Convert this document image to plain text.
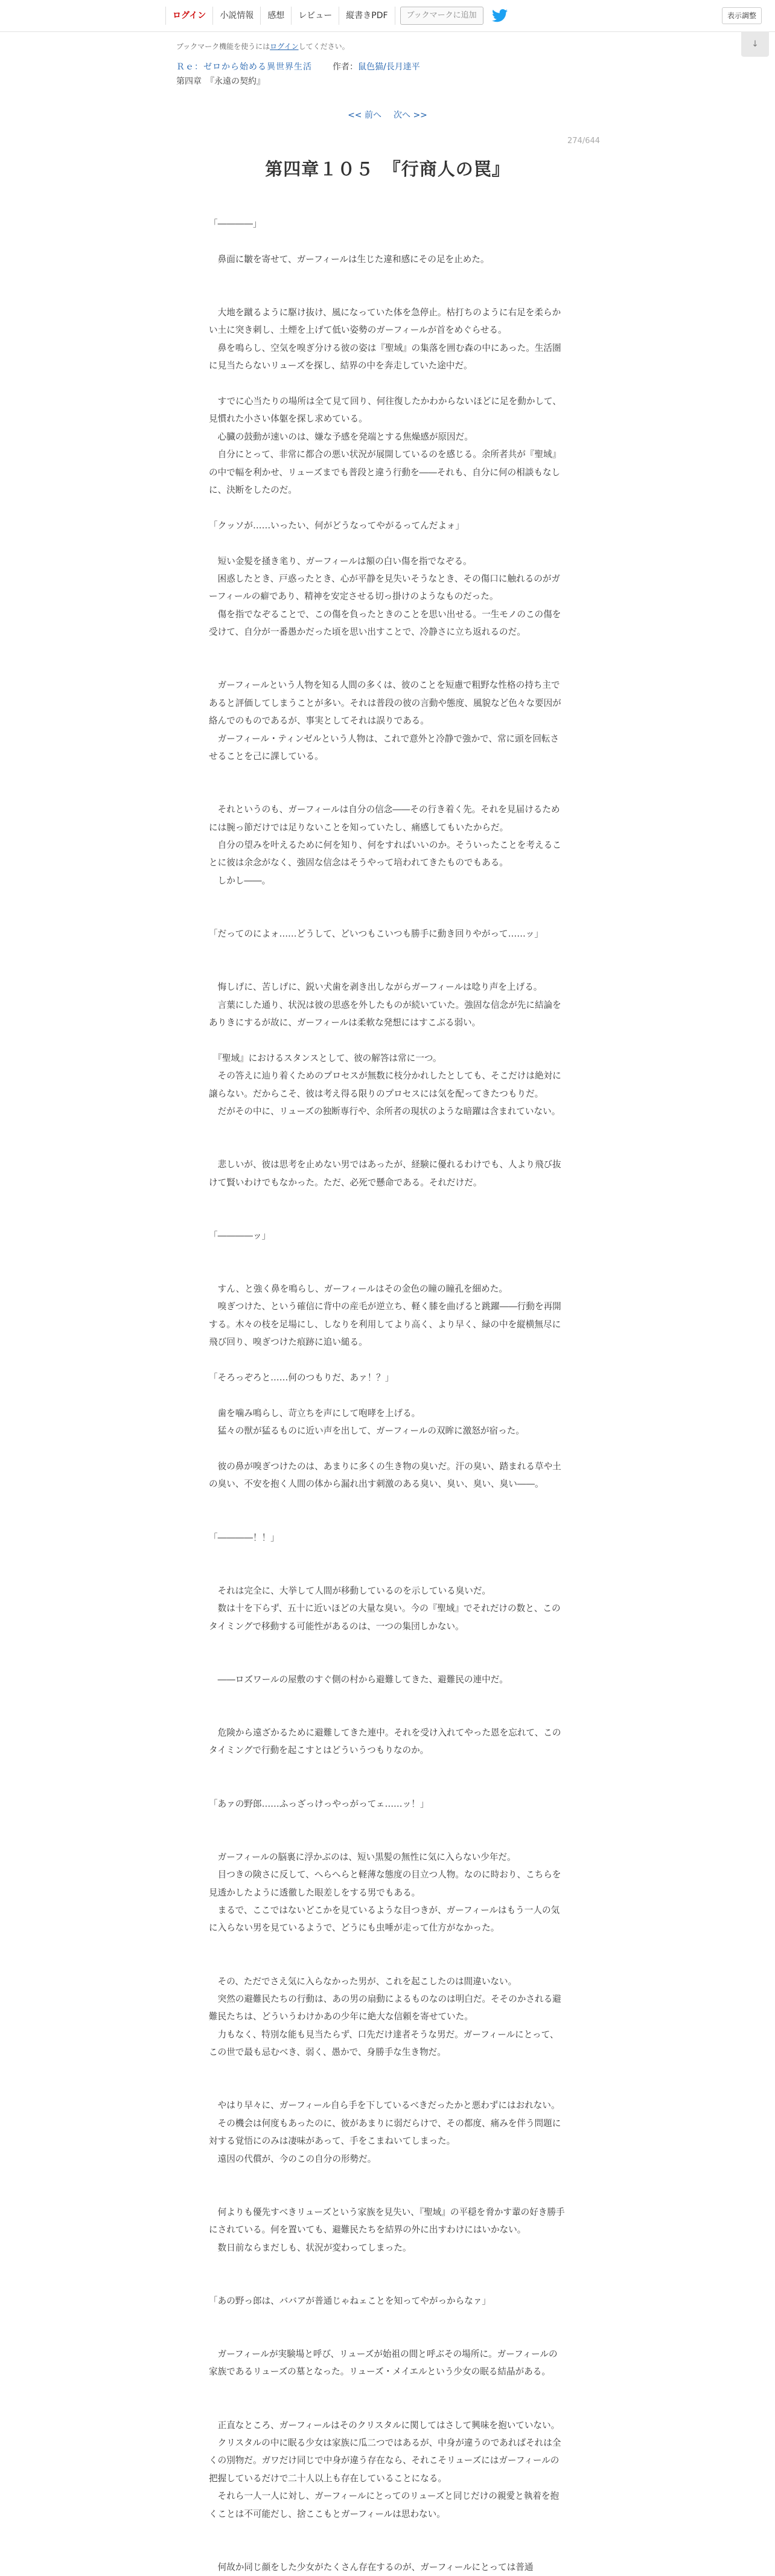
ログイン	小説情報	感想	レビュー	縦書きPDF	ブックマークに追加	表示調整
↓
ブックマーク機能を使うにはログインしてください。
Ｒｅ：ゼロから始める異世界生活 作者：鼠色猫/長月達平
第四章　『永遠の契約』
<< 前へ 次へ >>
274/644
第四章１０５　『行商人の罠』

「――――」

　鼻面に皺を寄せて、ガーフィールは生じた違和感にその足を止めた。

　大地を蹴るように駆け抜け、風になっていた体を急停止。枯打ちのように右足を柔らかい土に突き刺し、土煙を上げて低い姿勢のガーフィールが首をめぐらせる。

　鼻を鳴らし、空気を嗅ぎ分ける彼の姿は『聖域』の集落を囲む森の中にあった。生活圏に見当たらないリューズを探し、結界の中を奔走していた途中だ。

　すでに心当たりの場所は全て見て回り、何往復したかわからないほどに足を動かして、見慣れた小さい体躯を探し求めている。

　心臓の鼓動が速いのは、嫌な予感を発端とする焦燥感が原因だ。

　自分にとって、非常に都合の悪い状況が展開しているのを感じる。余所者共が『聖域』の中で幅を利かせ、リューズまでも普段と違う行動を――それも、自分に何の相談もなしに、決断をしたのだ。

「クッソが……いったい、何がどうなってやがるってんだよォ」

　短い金髪を掻き毟り、ガーフィールは額の白い傷を指でなぞる。

　困惑したとき、戸惑ったとき、心が平静を見失いそうなとき、その傷口に触れるのがガーフィールの癖であり、精神を安定させる切っ掛けのようなものだった。

　傷を指でなぞることで、この傷を負ったときのことを思い出せる。一生モノのこの傷を受けて、自分が一番愚かだった頃を思い出すことで、冷静さに立ち返れるのだ。

　ガーフィールという人物を知る人間の多くは、彼のことを短慮で粗野な性格の持ち主であると評価してしまうことが多い。それは普段の彼の言動や態度、風貌など色々な要因が絡んでのものであるが、事実としてそれは誤りである。

　ガーフィール・ティンゼルという人物は、これで意外と冷静で強かで、常に頭を回転させることを己に課している。

　それというのも、ガーフィールは自分の信念――その行き着く先。それを見届けるためには腕っ節だけでは足りないことを知っていたし、痛感してもいたからだ。

　自分の望みを叶えるために何を知り、何をすればいいのか。そういったことを考えることに彼は余念がなく、強固な信念はそうやって培われてきたものでもある。

　しかし――。

「だってのによォ……どうして、どいつもこいつも勝手に動き回りやがって……ッ」

　悔しげに、苦しげに、鋭い犬歯を剥き出しながらガーフィールは唸り声を上げる。

　言葉にした通り、状況は彼の思惑を外したものが続いていた。強固な信念が先に結論をありきにするが故に、ガーフィールは柔軟な発想にはすこぶる弱い。

　『聖域』におけるスタンスとして、彼の解答は常に一つ。

　その答えに辿り着くためのプロセスが無数に枝分かれしたとしても、そこだけは絶対に譲らない。だからこそ、彼は考え得る限りのプロセスには気を配ってきたつもりだ。

　だがその中に、リューズの独断専行や、余所者の現状のような暗躍は含まれていない。

　悲しいが、彼は思考を止めない男ではあったが、経験に優れるわけでも、人より飛び抜けて賢いわけでもなかった。ただ、必死で懸命である。それだけだ。

「――――ッ」

　すん、と強く鼻を鳴らし、ガーフィールはその金色の瞳の瞳孔を細めた。

　嗅ぎつけた、という確信に背中の産毛が逆立ち、軽く膝を曲げると跳躍――行動を再開する。木々の枝を足場にし、しなりを利用してより高く、より早く、緑の中を縦横無尽に飛び回り、嗅ぎつけた痕跡に追い縋る。

「そろっぞろと……何のつもりだ、あァ！？」

　歯を噛み鳴らし、苛立ちを声にして咆哮を上げる。

　猛々の獣が猛るものに近い声を出して、ガーフィールの双眸に激怒が宿った。

　彼の鼻が嗅ぎつけたのは、あまりに多くの生き物の臭いだ。汗の臭い、踏まれる草や土の臭い、不安を抱く人間の体から漏れ出す刺激のある臭い、臭い、臭い、臭い――。

「――――！！」

　それは完全に、大挙して人間が移動しているのを示している臭いだ。

　数は十を下らず、五十に近いほどの大量な臭い。今の『聖域』でそれだけの数と、このタイミングで移動する可能性があるのは、一つの集団しかない。

　――ロズワールの屋敷のすぐ側の村から避難してきた、避難民の連中だ。

　危険から遠ざかるために避難してきた連中。それを受け入れてやった恩を忘れて、このタイミングで行動を起こすとはどういうつもりなのか。

「あァの野郎……ふっざっけっやっがってェ……ッ！」

　ガーフィールの脳裏に浮かぶのは、短い黒髪の無性に気に入らない少年だ。

　目つきの険さに反して、へらへらと軽薄な態度の目立つ人物。なのに時おり、こちらを見透かしたように透徹した眼差しをする男でもある。

　まるで、ここではないどこかを見ているような目つきが、ガーフィールはもう一人の気に入らない男を見ているようで、どうにも虫唾が走って仕方がなかった。

　その、ただでさえ気に入らなかった男が、これを起こしたのは間違いない。

　突然の避難民たちの行動は、あの男の扇動によるものなのは明白だ。そそのかされる避難民たちは、どういうわけかあの少年に絶大な信頼を寄せていた。

　力もなく、特別な能も見当たらず、口先だけ達者そうな男だ。ガーフィールにとって、この世で最も忌むべき、弱く、愚かで、身勝手な生き物だ。

　やはり早々に、ガーフィール自ら手を下しているべきだったかと悪わずにはおれない。

　その機会は何度もあったのに、彼があまりに弱だらけで、その都度、痛みを伴う問題に対する覚悟にのみは凄味があって、手をこまねいてしまった。

　遠因の代償が、今のこの自分の形勢だ。

　何よりも優先すべきリューズという家族を見失い、『聖域』の平穏を脅かす輩の好き勝手にされている。何を置いても、避難民たちを結界の外に出すわけにはいかない。

　数日前ならまだしも、状況が変わってしまった。

「あの野っ郎は、ババアが普通じゃねェことを知ってやがっからなァ」

　ガーフィールが実験場と呼び、リューズが始祖の間と呼ぶその場所に。ガーフィールの家族であるリューズの墓となった。リューズ・メイエルという少女の眠る結晶がある。

　正直なところ、ガーフィールはそのクリスタルに関してはさして興味を抱いていない。

　クリスタルの中に眠る少女は家族に瓜二つではあるが、中身が違うのであればそれは全くの別物だ。ガワだけ同じで中身が違う存在なら、それこそリューズにはガーフィールの把握しているだけで二十人以上も存在していることになる。

　それら一人一人に対し、ガーフィールにとってのリューズと同じだけの親愛と執着を抱くことは不可能だし、捨ここもとガーフィールは思わない。

　何故か同じ顔をした少女がたくさん存在するのが、ガーフィールにとっては普通
